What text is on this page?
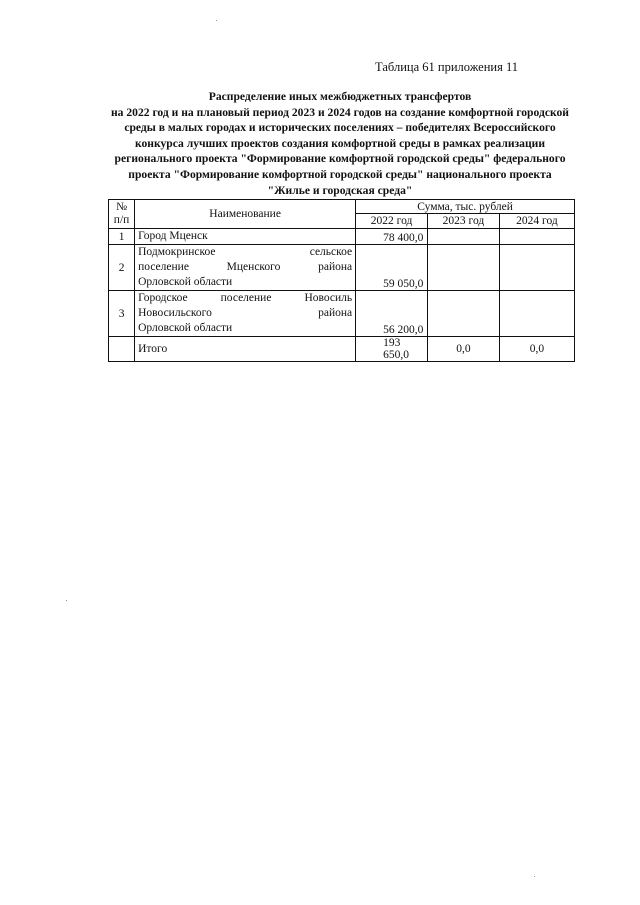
Таблица 61 приложения 11
Распределение иных межбюджетных трансфертов
на 2022 год и на плановый период 2023 и 2024 годов на создание комфортной городской
среды в малых городах и исторических поселениях – победителях Всероссийского
конкурса лучших проектов создания комфортной среды в рамках реализации
регионального проекта "Формирование комфортной городской среды" федерального
проекта "Формирование комфортной городской среды" национального проекта
"Жилье и городская среда"
№
п/п	Наименование	Сумма, тыс. рублей		
		2022 год	2023 год	2024 год
1	Город Мценск	78 400,0		
2	Подмокринское сельское
поселение Мценского района
Орловской области	59 050,0		
3	Городское поселение Новосиль
Новосильского района
Орловской области	56 200,0		
	Итого	193 650,0	0,0	0,0
